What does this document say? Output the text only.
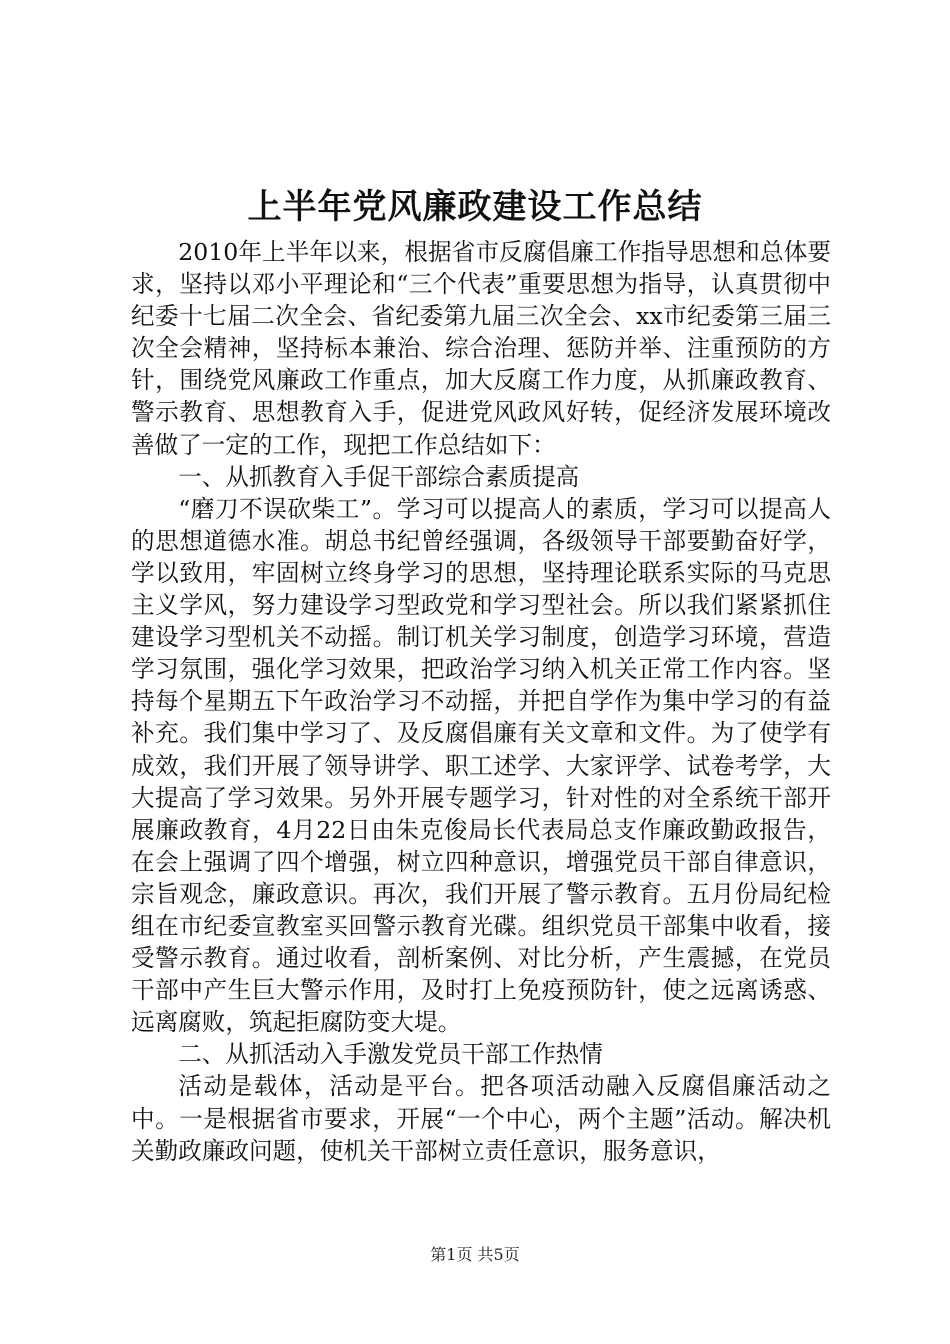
上半年党风廉政建设工作总结

2010年上半年以来，根据省市反腐倡廉工作指导思想和总体要求，坚持以邓小平理论和“三个代表”重要思想为指导，认真贯彻中纪委十七届二次全会、省纪委第九届三次全会、xx市纪委第三届三次全会精神，坚持标本兼治、综合治理、惩防并举、注重预防的方针，围绕党风廉政工作重点，加大反腐工作力度，从抓廉政教育、警示教育、思想教育入手，促进党风政风好转，促经济发展环境改善做了一定的工作，现把工作总结如下：

一、从抓教育入手促干部综合素质提高

“磨刀不误砍柴工”。学习可以提高人的素质，学习可以提高人的思想道德水准。胡总书纪曾经强调，各级领导干部要勤奋好学，学以致用，牢固树立终身学习的思想，坚持理论联系实际的马克思主义学风，努力建设学习型政党和学习型社会。所以我们紧紧抓住建设学习型机关不动摇。制订机关学习制度，创造学习环境，营造学习氛围，强化学习效果，把政治学习纳入机关正常工作内容。坚持每个星期五下午政治学习不动摇，并把自学作为集中学习的有益补充。我们集中学习了、及反腐倡廉有关文章和文件。为了使学有成效，我们开展了领导讲学、职工述学、大家评学、试卷考学，大大提高了学习效果。另外开展专题学习，针对性的对全系统干部开展廉政教育，4月22日由朱克俊局长代表局总支作廉政勤政报告，在会上强调了四个增强，树立四种意识，增强党员干部自律意识，宗旨观念，廉政意识。再次，我们开展了警示教育。五月份局纪检组在市纪委宣教室买回警示教育光碟。组织党员干部集中收看，接受警示教育。通过收看，剖析案例、对比分析，产生震撼，在党员干部中产生巨大警示作用，及时打上免疫预防针，使之远离诱惑、远离腐败，筑起拒腐防变大堤。

二、从抓活动入手激发党员干部工作热情

活动是载体，活动是平台。把各项活动融入反腐倡廉活动之中。一是根据省市要求，开展“一个中心，两个主题”活动。解决机关勤政廉政问题，使机关干部树立责任意识，服务意识，

第1页 共5页
